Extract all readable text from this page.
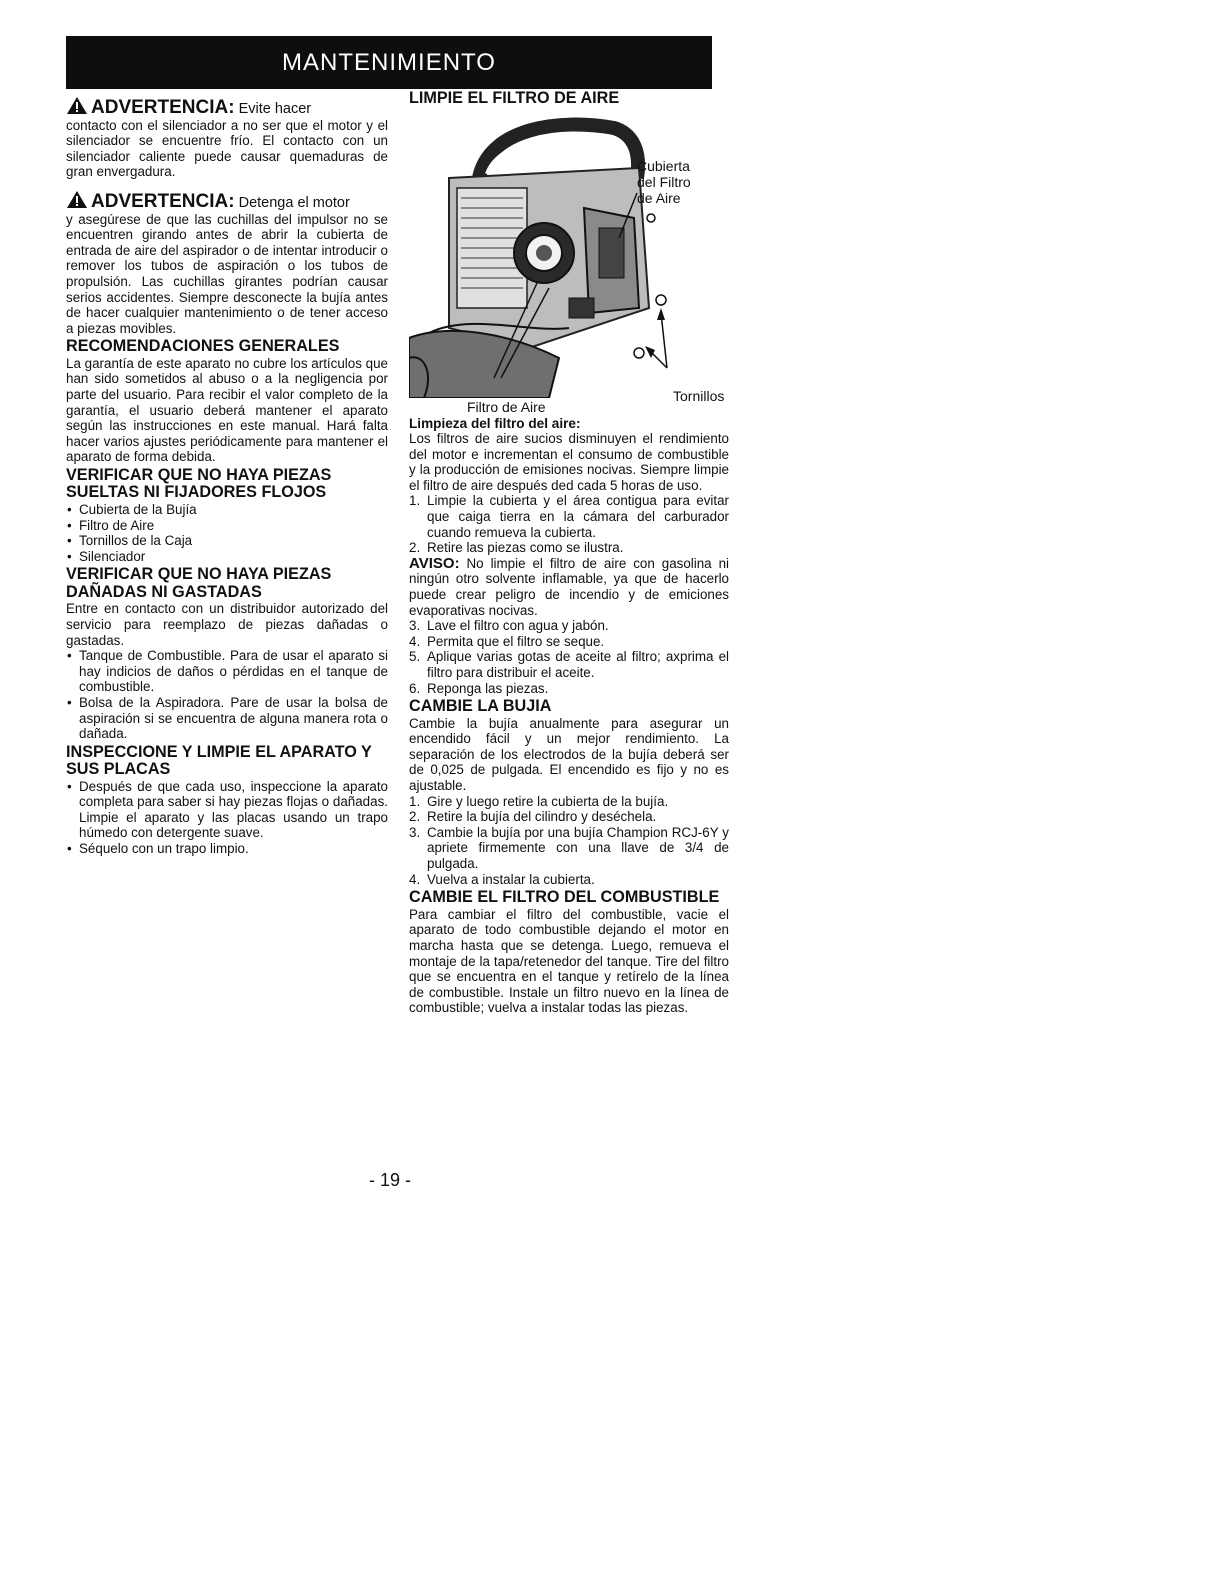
MANTENIMIENTO
ADVERTENCIA: Evite hacer

contacto con el silenciador a no ser que el motor y el silenciador se encuentre frío. El contacto con un silenciador caliente puede causar quemaduras de gran envergadura.

ADVERTENCIA: Detenga el motor

y asegúrese de que las cuchillas del impulsor no se encuentren girando antes de abrir la cubierta de entrada de aire del aspirador o de intentar introducir o remover los tubos de aspiración o los tubos de propulsión. Las cuchillas girantes podrían causar serios accidentes. Siempre desconecte la bujía antes de hacer cualquier mantenimiento o de tener acceso a piezas movibles.

RECOMENDACIONES GENERALES

La garantía de este aparato no cubre los artículos que han sido sometidos al abuso o a la negligencia por parte del usuario. Para recibir el valor completo de la garantía, el usuario deberá mantener el aparato según las instrucciones en este manual. Hará falta hacer varios ajustes periódicamente para mantener el aparato de forma debida.

VERIFICAR QUE NO HAYA PIEZAS SUELTAS NI FIJADORES FLOJOS
• Cubierta de la Bujía
• Filtro de Aire
• Tornillos de la Caja
• Silenciador
VERIFICAR QUE NO HAYA PIEZAS DAÑADAS NI GASTADAS

Entre en contacto con un distribuidor autorizado del servicio para reemplazo de piezas dañadas o gastadas.

• Tanque de Combustible. Para de usar el aparato si hay indicios de daños o pérdidas en el tanque de combustible.
• Bolsa de la Aspiradora. Pare de usar la bolsa de aspiración si se encuentra de alguna manera rota o dañada.
INSPECCIONE Y LIMPIE EL APARATO Y SUS PLACAS
• Después de que cada uso, inspeccione la aparato completa para saber si hay piezas flojas o dañadas. Limpie el aparato y las placas usando un trapo húmedo con detergente suave.
• Séquelo con un trapo limpio.
LIMPIE EL FILTRO DE AIRE
Cubierta
del Filtro
de Aire
Tornillos
Filtro de Aire
Limpieza del filtro del aire:

Los filtros de aire sucios disminuyen el rendimiento del motor e incrementan el consumo de combustible y la producción de emisiones nocivas. Siempre limpie el filtro de aire después ded cada 5 horas de uso.

1. Limpie la cubierta y el área contigua para evitar que caiga tierra en la cámara del carburador cuando remueva la cubierta.
2. Retire las piezas como se ilustra.

AVISO: No limpie el filtro de aire con gasolina ni ningún otro solvente inflamable, ya que de hacerlo puede crear peligro de incendio y de emiciones evaporativas nocivas.

3. Lave el filtro con agua y jabón.
4. Permita que el filtro se seque.
5. Aplique varias gotas de aceite al filtro; axprima el filtro para distribuir el aceite.
6. Reponga las piezas.
CAMBIE LA BUJIA

Cambie la bujía anualmente para asegurar un encendido fácil y un mejor rendimiento. La separación de los electrodos de la bujía deberá ser de 0,025 de pulgada. El encendido es fijo y no es ajustable.

1. Gire y luego retire la cubierta de la bujía.
2. Retire la bujía del cilindro y deséchela.
3. Cambie la bujía por una bujía Champion RCJ-6Y y apriete firmemente con una llave de 3/4 de pulgada.
4. Vuelva a instalar la cubierta.
CAMBIE EL FILTRO DEL COMBUSTIBLE

Para cambiar el filtro del combustible, vacie el aparato de todo combustible dejando el motor en marcha hasta que se detenga. Luego, remueva el montaje de la tapa/retenedor del tanque. Tire del filtro que se encuentra en el tanque y retírelo de la línea de combustible. Instale un filtro nuevo en la línea de combustible; vuelva a instalar todas las piezas.

- 19 -
